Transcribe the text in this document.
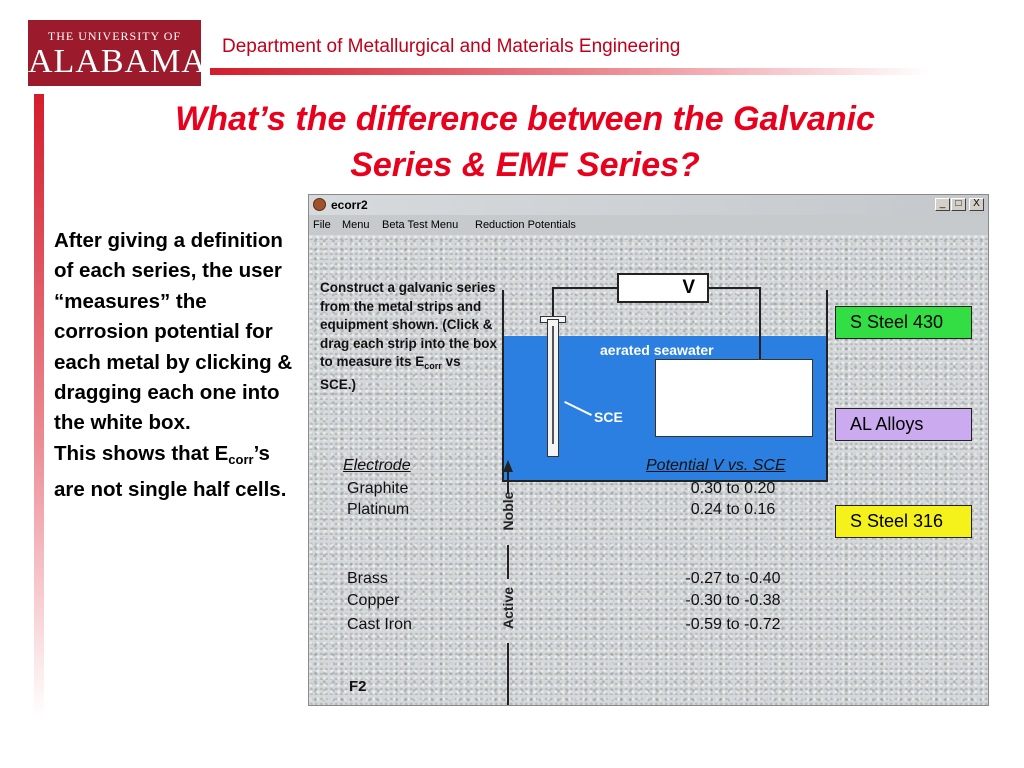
THE UNIVERSITY OF
ALABAMA Department of Metallurgical and Materials Engineering
What’s the difference between the Galvanic
Series & EMF Series?
After giving a definition of each series, the user “measures” the corrosion potential for each metal by clicking & dragging each one into the white box.
This shows that $E_{corr}’s$ are not single half cells.
ecorr2	_	□	X
File Menu Beta Test Menu Reduction Potentials
Construct a galvanic series from the metal strips and equipment shown. (Click & drag each strip into the box to measure its $E_{corr}$ vs SCE.)
aerated seawater
V
SCE
S Steel 430
AL Alloys
S Steel 316
Electrode	Potential V vs. SCE
Graphite	0.30 to 0.20
Platinum	0.24 to 0.16
Brass	-0.27 to -0.40
Copper	-0.30 to -0.38
Cast Iron	-0.59 to -0.72
Noble
Active
F2
